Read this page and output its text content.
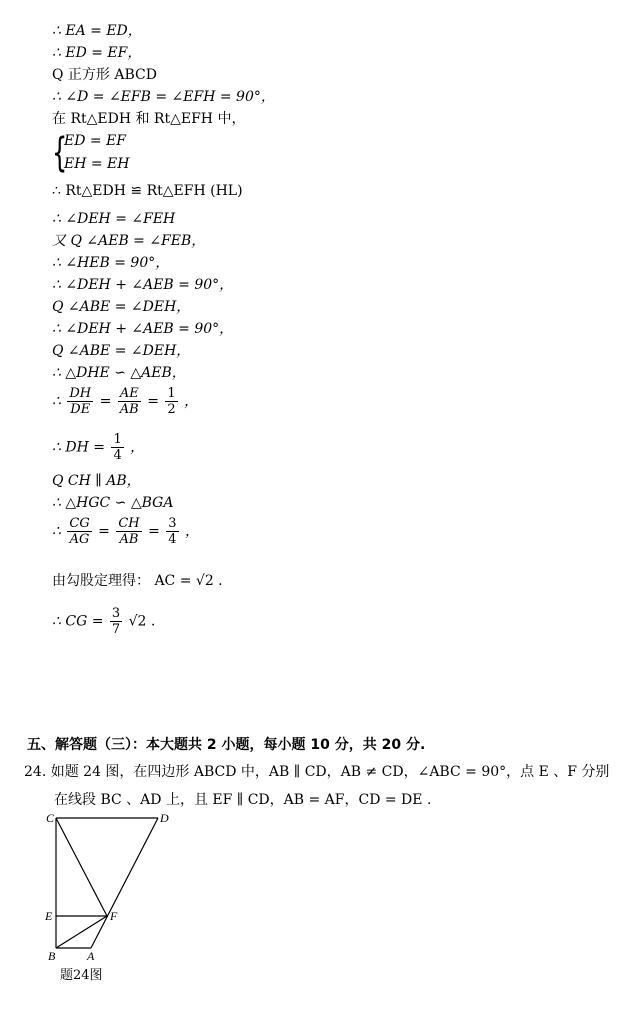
∴ EA = ED，
∴ ED = EF，
Q 正方形 ABCD
∴ ∠D = ∠EFB = ∠EFH = 90°，
在 Rt△EDH 和 Rt△EFH 中，
{
ED = EF
EH = EH
∴ Rt△EDH ≌ Rt△EFH (HL)
∴ ∠DEH = ∠FEH
又 Q ∠AEB = ∠FEB，
∴ ∠HEB = 90°，
∴ ∠DEH + ∠AEB = 90°，
Q ∠ABE = ∠DEH，
∴ ∠DEH + ∠AEB = 90°，
Q ∠ABE = ∠DEH，
∴ △DHE ∽ △AEB，
∴ $\frac{DH}{DE} = \frac{AE}{AB} = \frac{1}{2}$ ，
∴ DH = $\frac{1}{4}$ ，
Q CH ∥ AB，
∴ △HGC ∽ △BGA
∴ $\frac{CG}{AG} = \frac{CH}{AB} = \frac{3}{4}$ ，
由勾股定理得： AC = √2 .
∴ CG = $\frac{3}{7} √2$ .
五、解答题（三）：本大题共 2 小题，每小题 10 分，共 20 分.
24. 如题 24 图，在四边形 ABCD 中，AB ∥ CD，AB ≠ CD，∠ABC = 90°，点 E 、F 分别
在线段 BC 、AD 上，且 EF ∥ CD，AB = AF，CD = DE .
C	D
E	F
B	A
题24图
